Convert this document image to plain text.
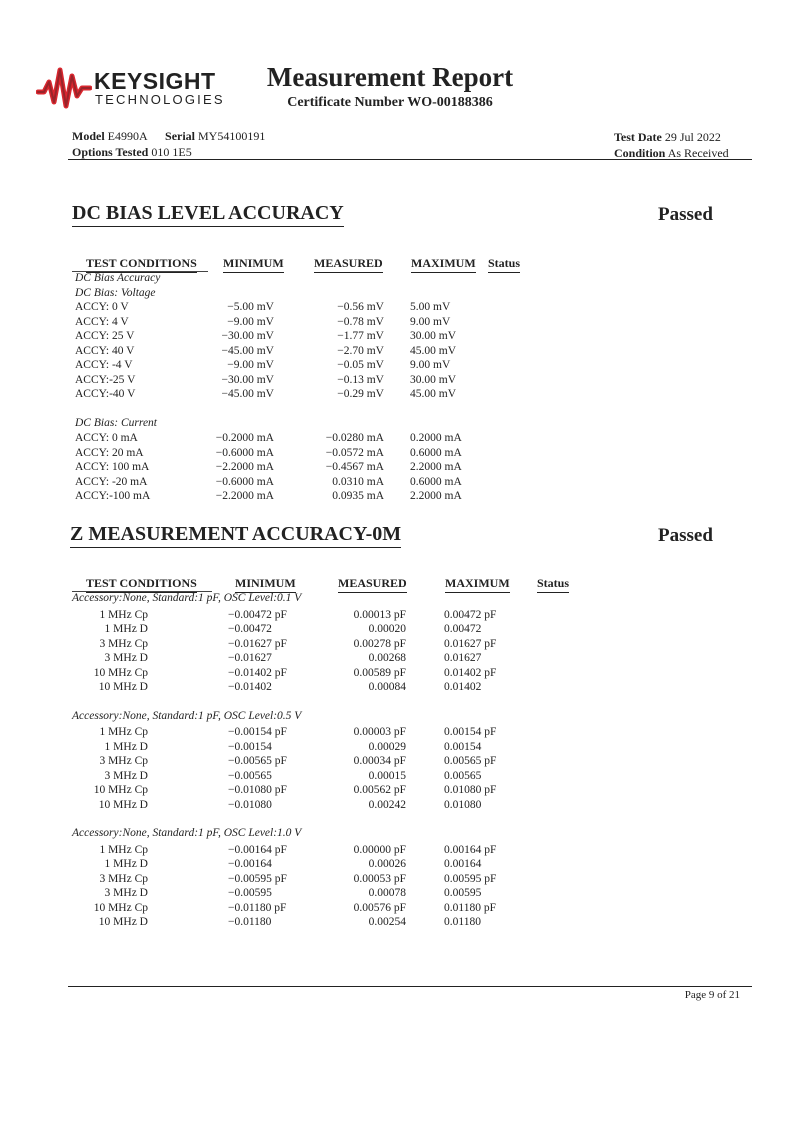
KEYSIGHT
TECHNOLOGIES
Measurement Report
Certificate Number WO-00188386
Model E4990A Serial MY54100191
Options Tested 010 1E5
Test Date 29 Jul 2022
Condition As Received
DC BIAS LEVEL ACCURACY	Passed
TEST CONDITIONS MINIMUM	MEASURED MAXIMUM Status
DC Bias Accuracy
DC Bias: Voltage
ACCY: 0 V	−5.00 mV	−0.56 mV 5.00 mV
ACCY: 4 V	−9.00 mV	−0.78 mV 9.00 mV
ACCY: 25 V	−30.00 mV	−1.77 mV 30.00 mV
ACCY: 40 V	−45.00 mV	−2.70 mV 45.00 mV
ACCY: -4 V	−9.00 mV	−0.05 mV 9.00 mV
ACCY:-25 V	−30.00 mV	−0.13 mV 30.00 mV
ACCY:-40 V	−45.00 mV	−0.29 mV 45.00 mV
DC Bias: Current
ACCY: 0 mA	−0.2000 mA	−0.0280 mA 0.2000 mA
ACCY: 20 mA	−0.6000 mA	−0.0572 mA 0.6000 mA
ACCY: 100 mA	−2.2000 mA	−0.4567 mA 2.2000 mA
ACCY: -20 mA	−0.6000 mA	0.0310 mA 0.6000 mA
ACCY:-100 mA	−2.2000 mA	0.0935 mA 2.2000 mA
Z MEASUREMENT ACCURACY-0M	Passed
TEST CONDITIONS	MINIMUM	MEASURED	MAXIMUM Status
Accessory:None, Standard:1 pF, OSC Level:0.1 V
1 MHz Cp	−0.00472 pF	0.00013 pF	0.00472 pF
1 MHz D	−0.00472	0.00020	0.00472
3 MHz Cp	−0.01627 pF	0.00278 pF	0.01627 pF
3 MHz D	−0.01627	0.00268	0.01627
10 MHz Cp	−0.01402 pF	0.00589 pF	0.01402 pF
10 MHz D	−0.01402	0.00084	0.01402
Accessory:None, Standard:1 pF, OSC Level:0.5 V
1 MHz Cp	−0.00154 pF	0.00003 pF	0.00154 pF
1 MHz D	−0.00154	0.00029	0.00154
3 MHz Cp	−0.00565 pF	0.00034 pF	0.00565 pF
3 MHz D	−0.00565	0.00015	0.00565
10 MHz Cp	−0.01080 pF	0.00562 pF	0.01080 pF
10 MHz D	−0.01080	0.00242	0.01080
Accessory:None, Standard:1 pF, OSC Level:1.0 V
1 MHz Cp	−0.00164 pF	0.00000 pF	0.00164 pF
1 MHz D	−0.00164	0.00026	0.00164
3 MHz Cp	−0.00595 pF	0.00053 pF	0.00595 pF
3 MHz D	−0.00595	0.00078	0.00595
10 MHz Cp	−0.01180 pF	0.00576 pF	0.01180 pF
10 MHz D	−0.01180	0.00254	0.01180
Page 9 of 21
